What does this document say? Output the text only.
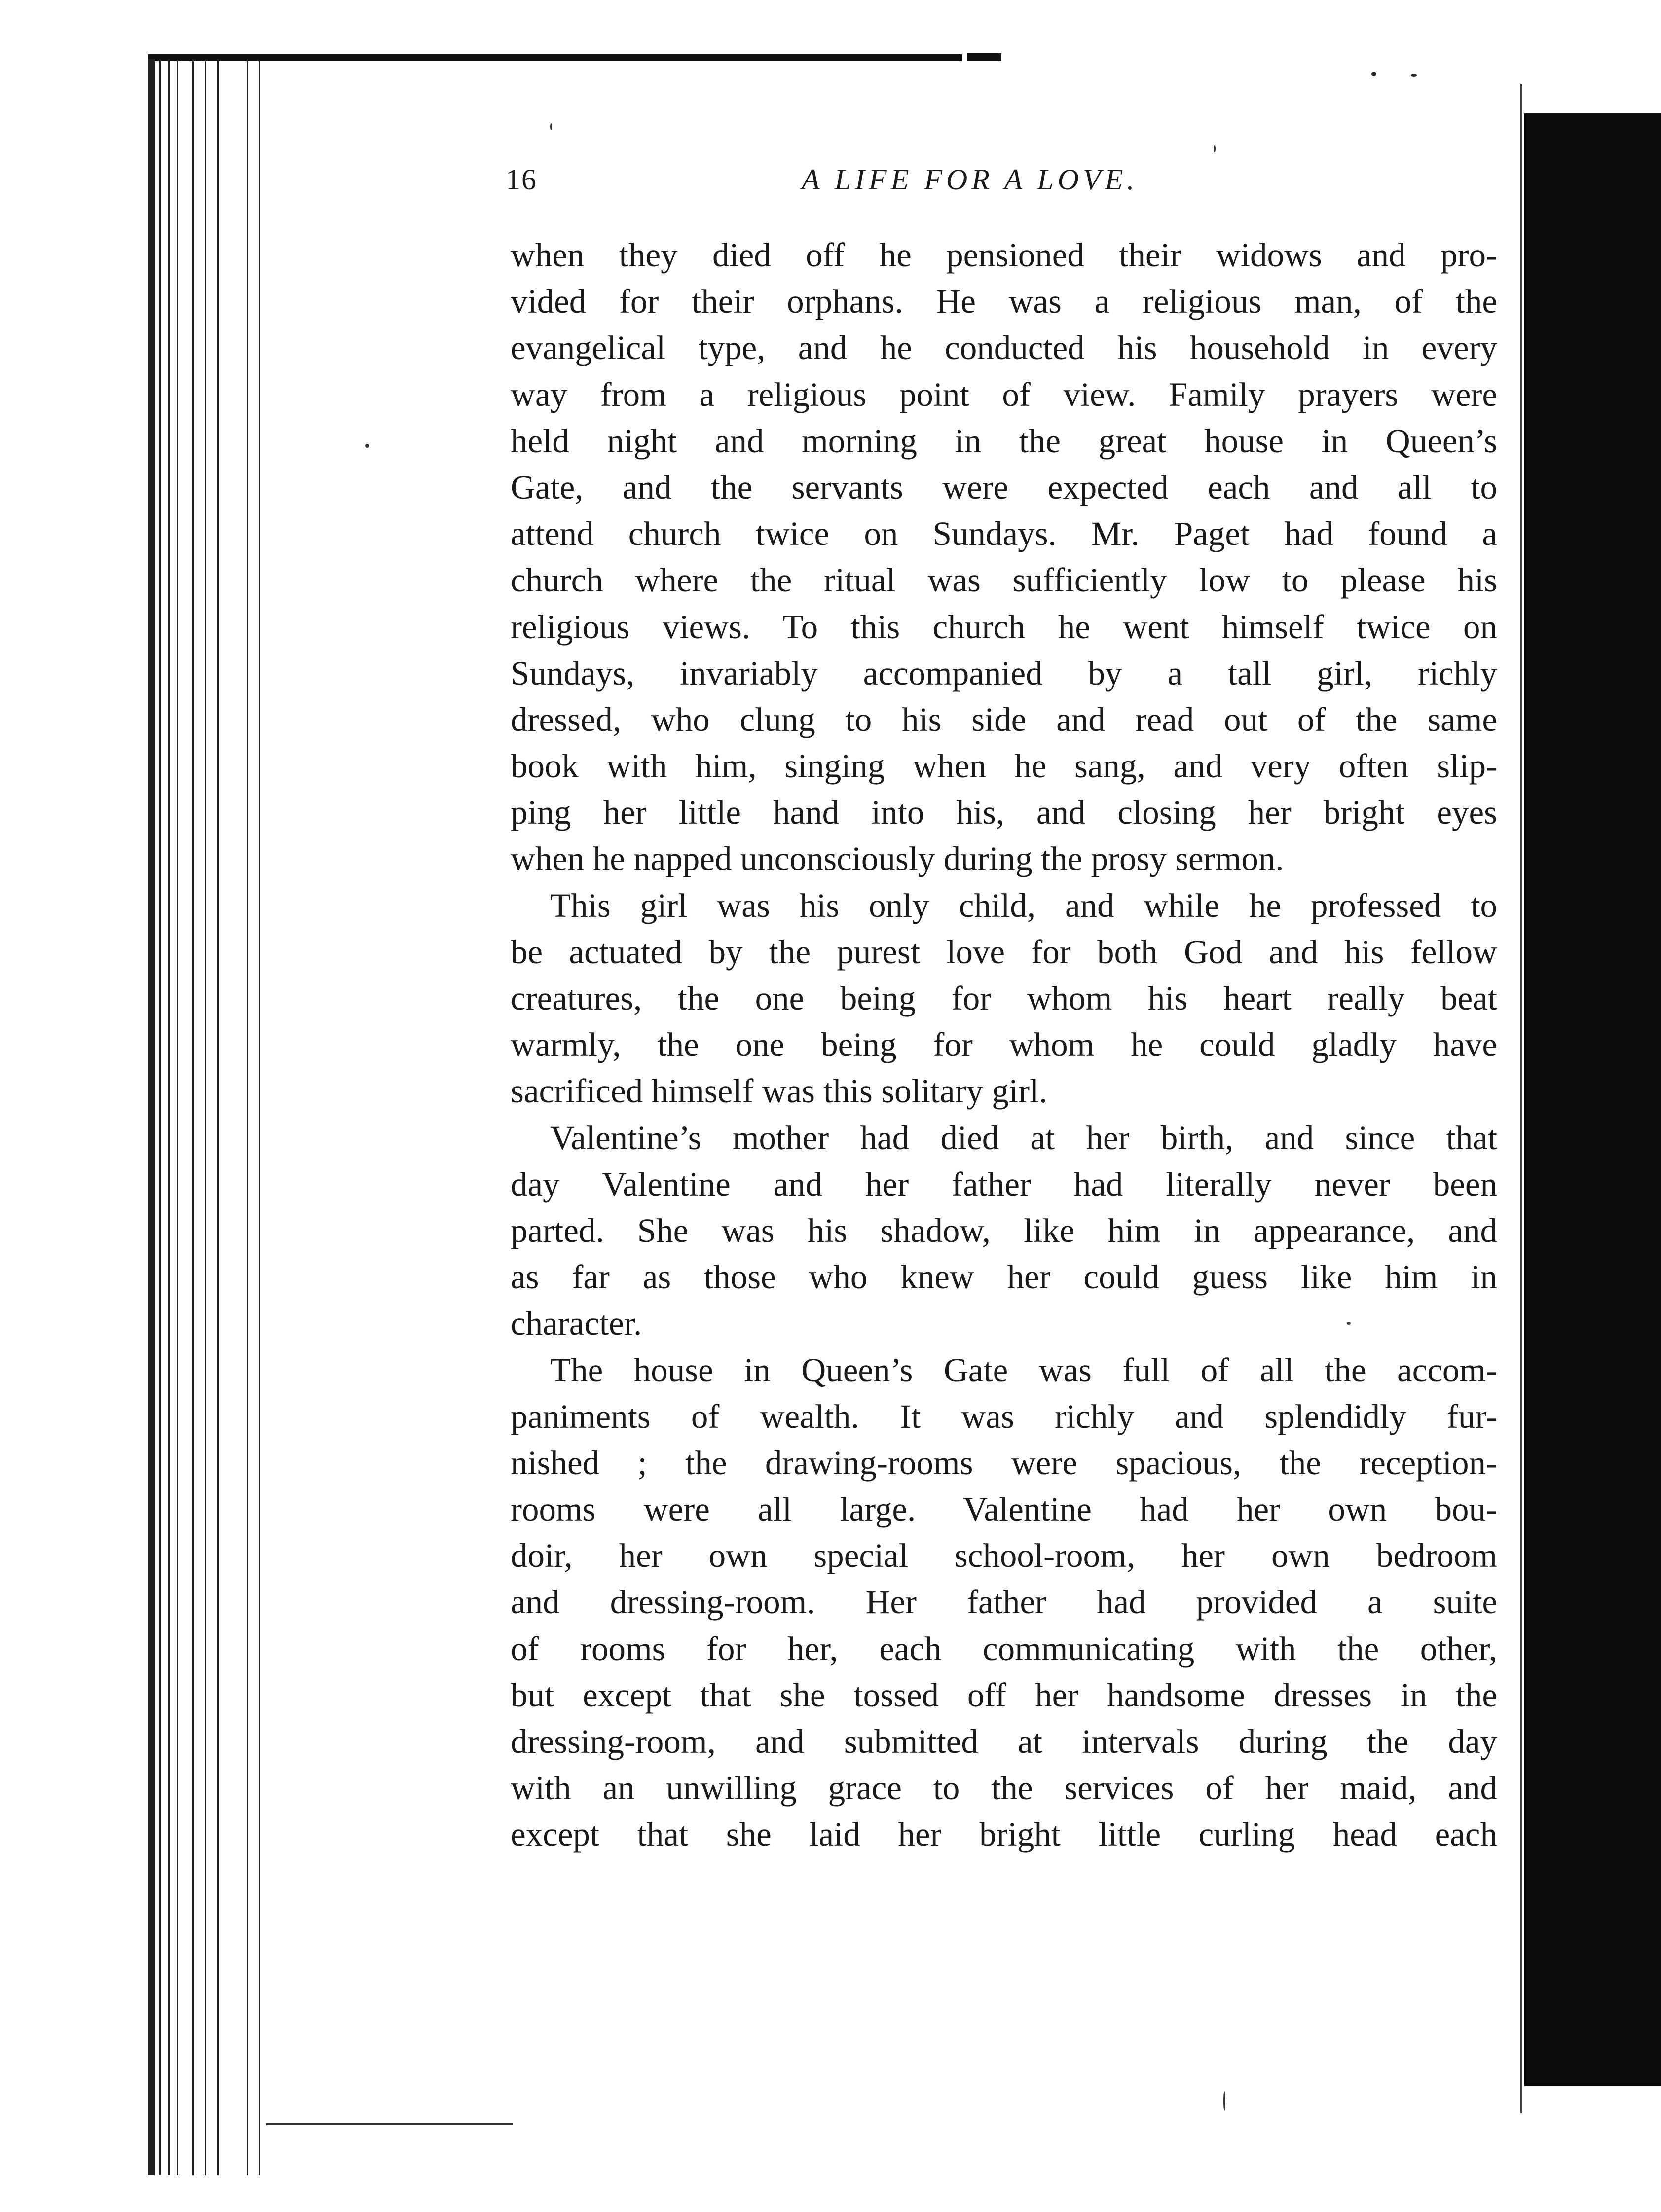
16	A LIFE FOR A LOVE.
when they died off he pensioned their widows and pro-
vided for their orphans. He was a religious man, of the
evangelical type, and he conducted his household in every
way from a religious point of view. Family prayers were
held night and morning in the great house in Queen’s
Gate, and the servants were expected each and all to
attend church twice on Sundays. Mr. Paget had found a
church where the ritual was sufficiently low to please his
religious views. To this church he went himself twice on
Sundays, invariably accompanied by a tall girl, richly
dressed, who clung to his side and read out of the same
book with him, singing when he sang, and very often slip-
ping her little hand into his, and closing her bright eyes
when he napped unconsciously during the prosy sermon.
This girl was his only child, and while he professed to
be actuated by the purest love for both God and his fellow
creatures, the one being for whom his heart really beat
warmly, the one being for whom he could gladly have
sacrificed himself was this solitary girl.
Valentine’s mother had died at her birth, and since that
day Valentine and her father had literally never been
parted. She was his shadow, like him in appearance, and
as far as those who knew her could guess like him in
character.
The house in Queen’s Gate was full of all the accom-
paniments of wealth. It was richly and splendidly fur-
nished ; the drawing-rooms were spacious, the reception-
rooms were all large. Valentine had her own bou-
doir, her own special school-room, her own bedroom
and dressing-room. Her father had provided a suite
of rooms for her, each communicating with the other,
but except that she tossed off her handsome dresses in the
dressing-room, and submitted at intervals during the day
with an unwilling grace to the services of her maid, and
except that she laid her bright little curling head each
